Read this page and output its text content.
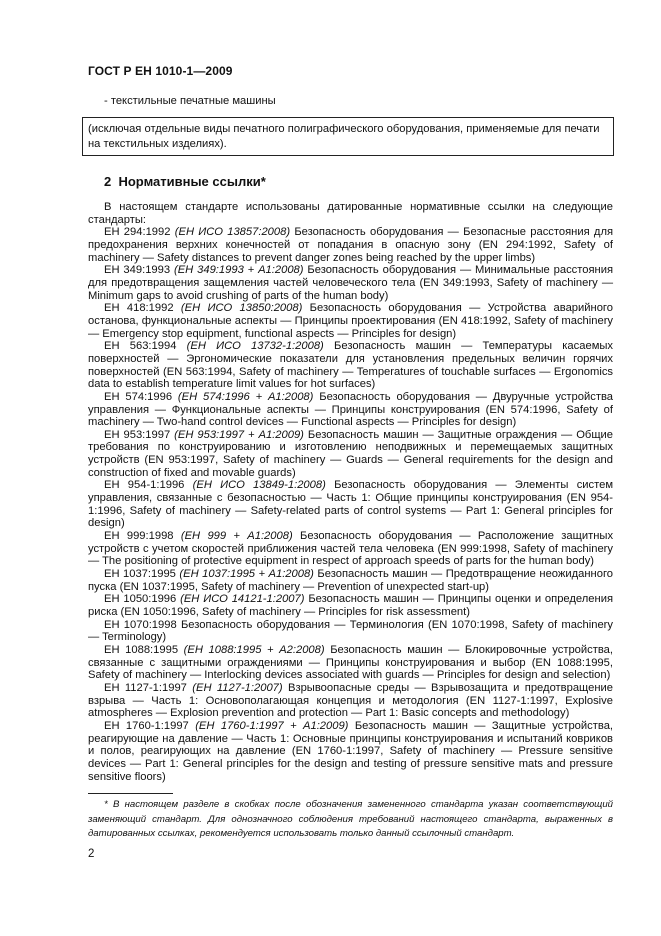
ГОСТ Р ЕН 1010-1—2009
- текстильные печатные машины
(исключая отдельные виды печатного полиграфического оборудования, применяемые для печати на текстильных изделиях).
2 Нормативные ссылки*

В настоящем стандарте использованы датированные нормативные ссылки на следующие стандарты:

ЕН 294:1992 (ЕН ИСО 13857:2008) Безопасность оборудования — Безопасные расстояния для предохранения верхних конечностей от попадания в опасную зону (EN 294:1992, Safety of machinery — Safety distances to prevent danger zones being reached by the upper limbs)

ЕН 349:1993 (ЕН 349:1993 + А1:2008) Безопасность оборудования — Минимальные расстояния для предотвращения защемления частей человеческого тела (EN 349:1993, Safety of machinery — Minimum gaps to avoid crushing of parts of the human body)

ЕН 418:1992 (ЕН ИСО 13850:2008) Безопасность оборудования — Устройства аварийного останова, функциональные аспекты — Принципы проектирования (EN 418:1992, Safety of machinery — Emergency stop equipment, functional aspects — Principles for design)

ЕН 563:1994 (ЕН ИСО 13732-1:2008) Безопасность машин — Температуры касаемых поверхностей — Эргономические показатели для установления предельных величин горячих поверхностей (EN 563:1994, Safety of machinery — Temperatures of touchable surfaces — Ergonomics data to establish temperature limit values for hot surfaces)

ЕН 574:1996 (ЕН 574:1996 + А1:2008) Безопасность оборудования — Двуручные устройства управления — Функциональные аспекты — Принципы конструирования (EN 574:1996, Safety of machinery — Two-hand control devices — Functional aspects — Principles for design)

ЕН 953:1997 (ЕН 953:1997 + А1:2009) Безопасность машин — Защитные ограждения — Общие требования по конструированию и изготовлению неподвижных и перемещаемых защитных устройств (EN 953:1997, Safety of machinery — Guards — General requirements for the design and construction of fixed and movable guards)

ЕН 954-1:1996 (ЕН ИСО 13849-1:2008) Безопасность оборудования — Элементы систем управления, связанные с безопасностью — Часть 1: Общие принципы конструирования (EN 954-1:1996, Safety of machinery — Safety-related parts of control systems — Part 1: General principles for design)

ЕН 999:1998 (ЕН 999 + А1:2008) Безопасность оборудования — Расположение защитных устройств с учетом скоростей приближения частей тела человека (EN 999:1998, Safety of machinery — The positioning of protective equipment in respect of approach speeds of parts for the human body)

ЕН 1037:1995 (ЕН 1037:1995 + А1:2008) Безопасность машин — Предотвращение неожиданного пуска (EN 1037:1995, Safety of machinery — Prevention of unexpected start-up)

ЕН 1050:1996 (ЕН ИСО 14121-1:2007) Безопасность машин — Принципы оценки и определения риска (EN 1050:1996, Safety of machinery — Principles for risk assessment)

ЕН 1070:1998 Безопасность оборудования — Терминология (EN 1070:1998, Safety of machinery — Terminology)

ЕН 1088:1995 (ЕН 1088:1995 + А2:2008) Безопасность машин — Блокировочные устройства, связанные с защитными ограждениями — Принципы конструирования и выбор (EN 1088:1995, Safety of machinery — Interlocking devices associated with guards — Principles for design and selection)

ЕН 1127-1:1997 (ЕН 1127-1:2007) Взрывоопасные среды — Взрывозащита и предотвращение взрыва — Часть 1: Основополагающая концепция и методология (EN 1127-1:1997, Explosive atmospheres — Explosion prevention and protection — Part 1: Basic concepts and methodology)

ЕН 1760-1:1997 (ЕН 1760-1:1997 + А1:2009) Безопасность машин — Защитные устройства, реагирующие на давление — Часть 1: Основные принципы конструирования и испытаний ковриков и полов, реагирующих на давление (EN 1760-1:1997, Safety of machinery — Pressure sensitive devices — Part 1: General principles for the design and testing of pressure sensitive mats and pressure sensitive floors)

* В настоящем разделе в скобках после обозначения замененного стандарта указан соответствующий заменяющий стандарт. Для однозначного соблюдения требований настоящего стандарта, выраженных в датированных ссылках, рекомендуется использовать только данный ссылочный стандарт.
2
